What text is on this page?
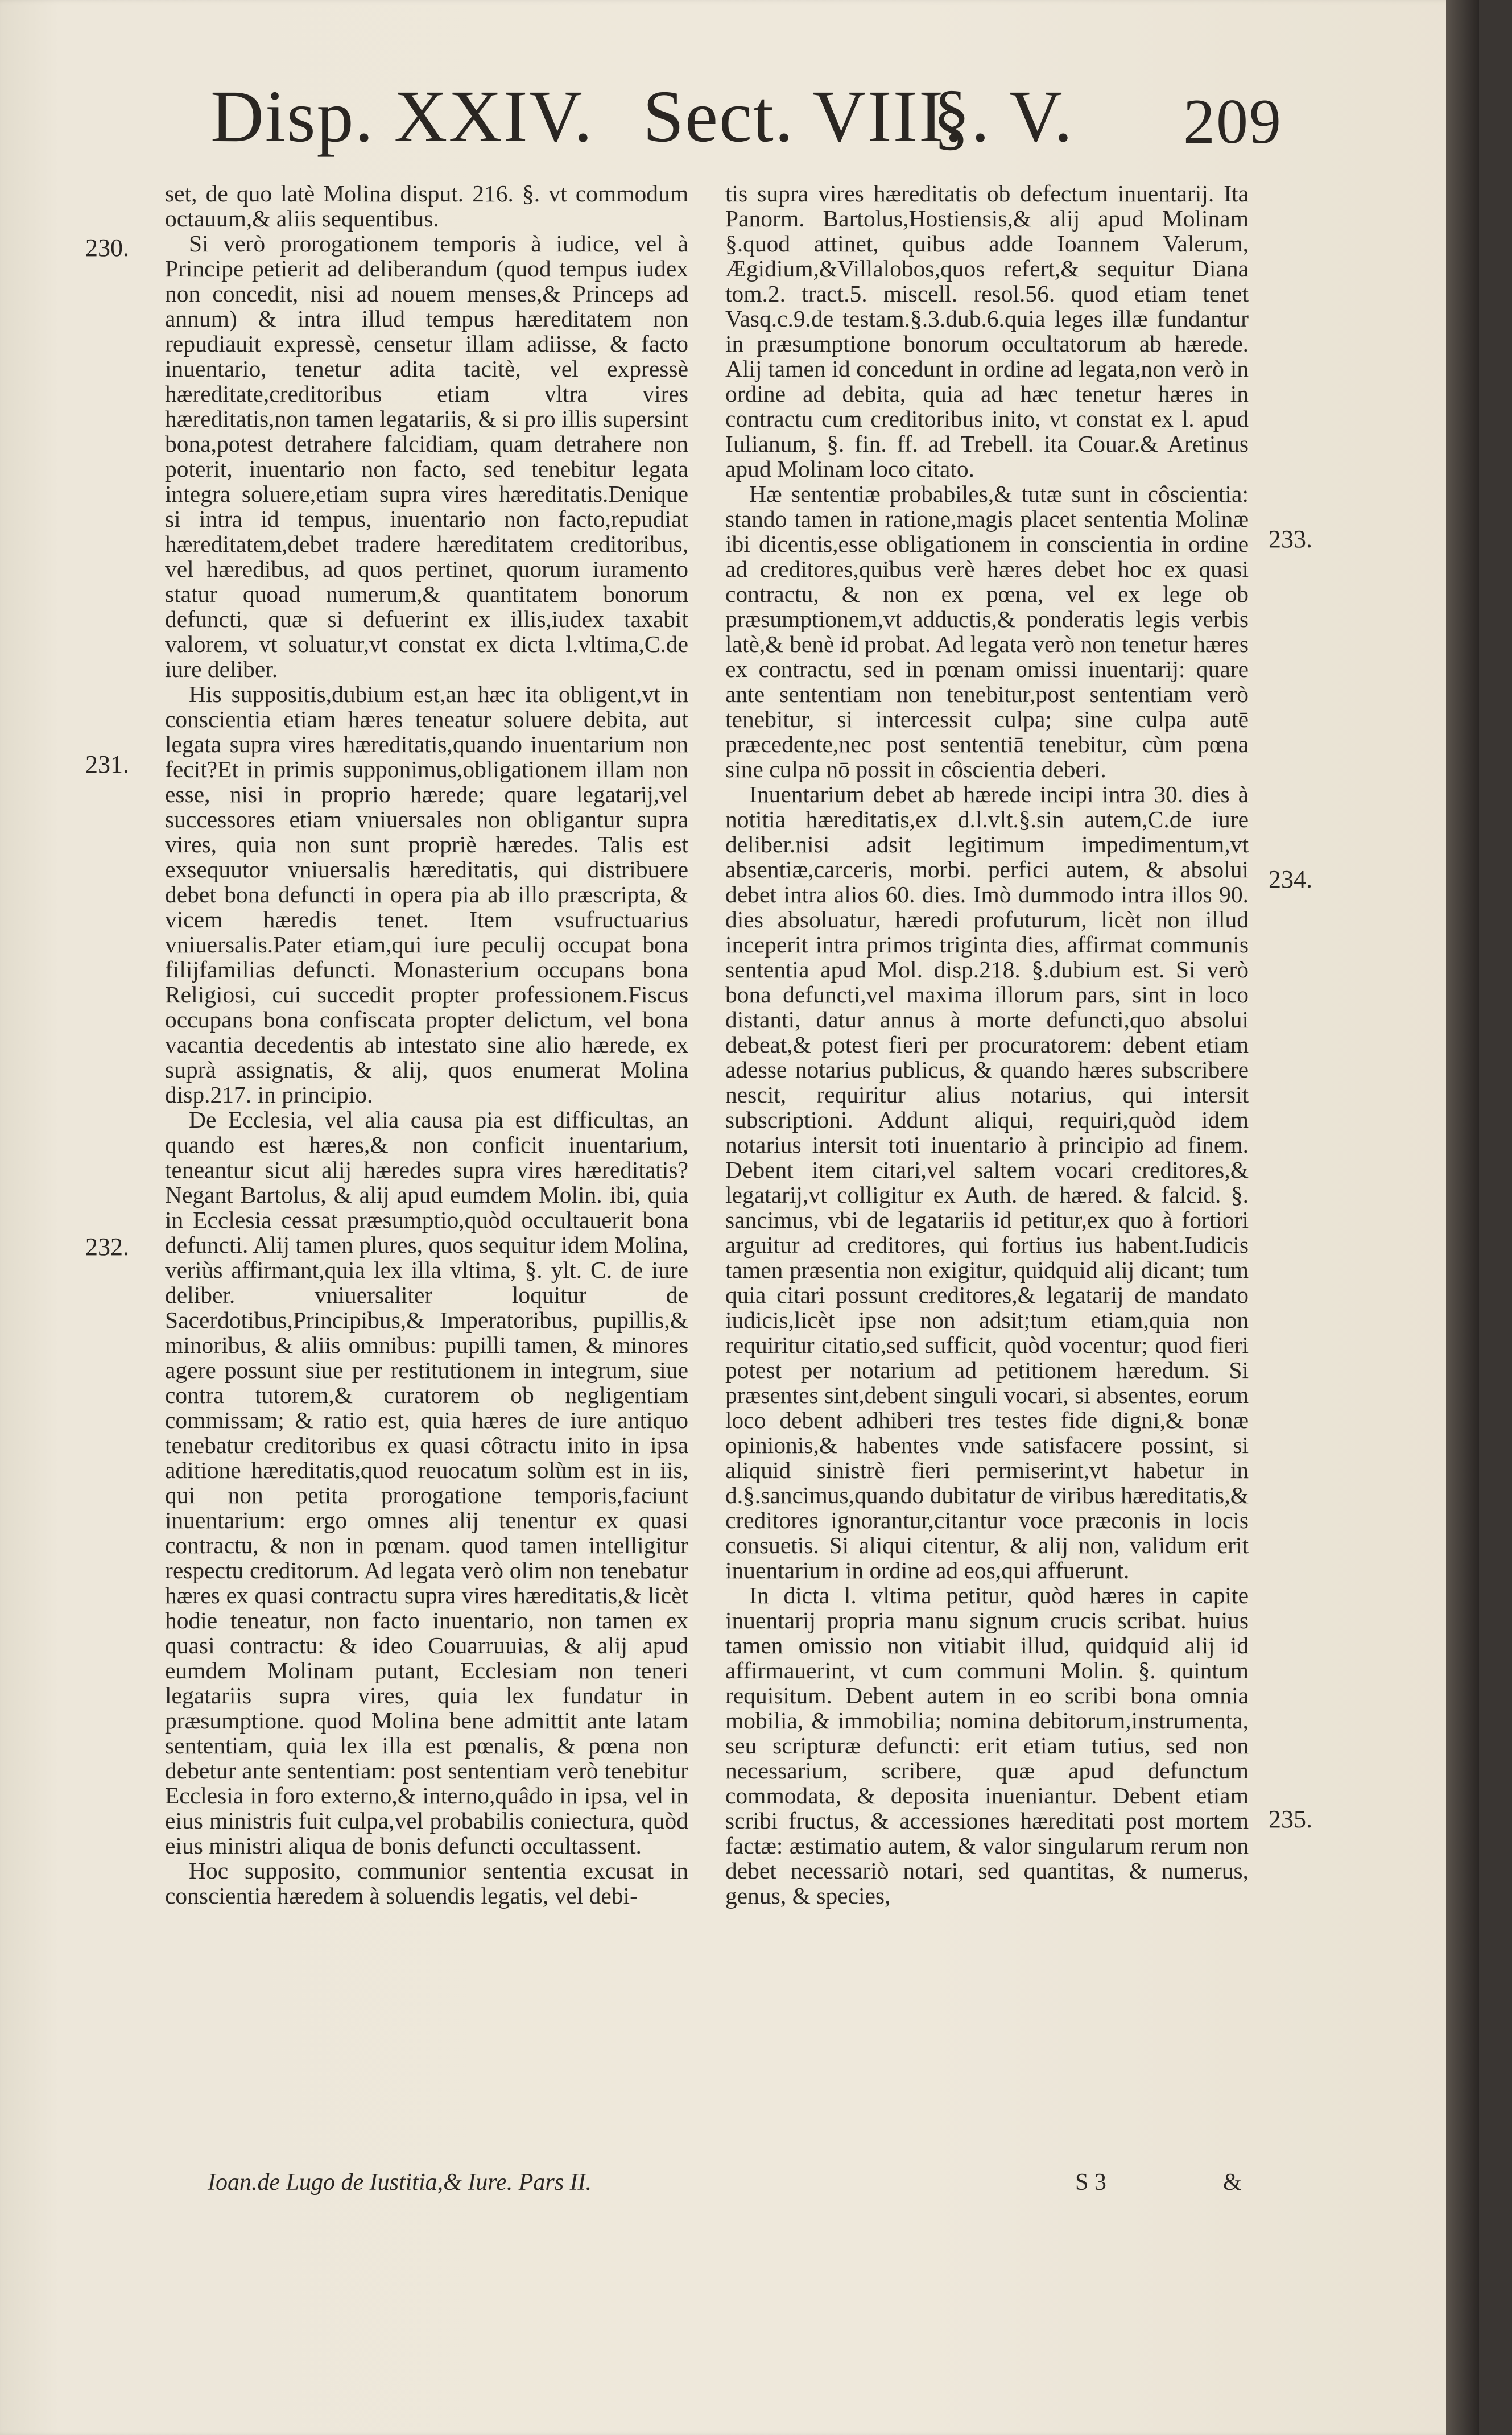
Disp. XXIV. Sect. VIII.
§. V. 209

set, de quo latè Molina disput. 216. §. vt commodum octauum,& aliis sequentibus.

Si verò prorogationem temporis à iudice, vel à Principe petierit ad deliberandum (quod tempus iudex non concedit, nisi ad nouem menses,& Princeps ad annum) & intra illud tempus hæreditatem non repudiauit expressè, censetur illam adiisse, & facto inuentario, tenetur adita tacitè, vel expressè hæreditate,creditoribus etiam vltra vires hæreditatis,non tamen legatariis, & si pro illis supersint bona,potest detrahere falcidiam, quam detrahere non poterit, inuentario non facto, sed tenebitur legata integra soluere,etiam supra vires hæreditatis.Denique si intra id tempus, inuentario non facto,repudiat hæreditatem,debet tradere hæreditatem creditoribus, vel hæredibus, ad quos pertinet, quorum iuramento statur quoad numerum,& quantitatem bonorum defuncti, quæ si defuerint ex illis,iudex taxabit valorem, vt soluatur,vt constat ex dicta l.vltima,C.de iure deliber.

His suppositis,dubium est,an hæc ita obligent,vt in conscientia etiam hæres teneatur soluere debita, aut legata supra vires hæreditatis,quando inuentarium non fecit?Et in primis supponimus,obligationem illam non esse, nisi in proprio hærede; quare legatarij,vel successores etiam vniuersales non obligantur supra vires, quia non sunt propriè hæredes. Talis est exsequutor vniuersalis hæreditatis, qui distribuere debet bona defuncti in opera pia ab illo præscripta, & vicem hæredis tenet. Item vsufructuarius vniuersalis.Pater etiam,qui iure peculij occupat bona filijfamilias defuncti. Monasterium occupans bona Religiosi, cui succedit propter professionem.Fiscus occupans bona confiscata propter delictum, vel bona vacantia decedentis ab intestato sine alio hærede, ex suprà assignatis, & alij, quos enumerat Molina disp.217. in principio.

De Ecclesia, vel alia causa pia est difficultas, an quando est hæres,& non conficit inuentarium, teneantur sicut alij hæredes supra vires hæreditatis? Negant Bartolus, & alij apud eumdem Molin. ibi, quia in Ecclesia cessat præsumptio,quòd occultauerit bona defuncti. Alij tamen plures, quos sequitur idem Molina, veriùs affirmant,quia lex illa vltima, §. ylt. C. de iure deliber. vniuersaliter loquitur de Sacerdotibus,Principibus,& Imperatoribus, pupillis,& minoribus, & aliis omnibus: pupilli tamen, & minores agere possunt siue per restitutionem in integrum, siue contra tutorem,& curatorem ob negligentiam commissam; & ratio est, quia hæres de iure antiquo tenebatur creditoribus ex quasi côtractu inito in ipsa aditione hæreditatis,quod reuocatum solùm est in iis, qui non petita prorogatione temporis,faciunt inuentarium: ergo omnes alij tenentur ex quasi contractu, & non in pœnam. quod tamen intelligitur respectu creditorum. Ad legata verò olim non tenebatur hæres ex quasi contractu supra vires hæreditatis,& licèt hodie teneatur, non facto inuentario, non tamen ex quasi contractu: & ideo Couarruuias, & alij apud eumdem Molinam putant, Ecclesiam non teneri legatariis supra vires, quia lex fundatur in præsumptione. quod Molina bene admittit ante latam sententiam, quia lex illa est pœnalis, & pœna non debetur ante sententiam: post sententiam verò tenebitur Ecclesia in foro externo,& interno,quâdo in ipsa, vel in eius ministris fuit culpa,vel probabilis coniectura, quòd eius ministri aliqua de bonis defuncti occultassent.

Hoc supposito, communior sententia excusat in conscientia hæredem à soluendis legatis, vel debi-

230.
231.
232.

tis supra vires hæreditatis ob defectum inuentarij. Ita Panorm. Bartolus,Hostiensis,& alij apud Molinam §.quod attinet, quibus adde Ioannem Valerum, Ægidium,&Villalobos,quos refert,& sequitur Diana tom.2. tract.5. miscell. resol.56. quod etiam tenet Vasq.c.9.de testam.§.3.dub.6.quia leges illæ fundantur in præsumptione bonorum occultatorum ab hærede. Alij tamen id concedunt in ordine ad legata,non verò in ordine ad debita, quia ad hæc tenetur hæres in contractu cum creditoribus inito, vt constat ex l. apud Iulianum, §. fin. ff. ad Trebell. ita Couar.& Aretinus apud Molinam loco citato.

Hæ sententiæ probabiles,& tutæ sunt in côscientia: stando tamen in ratione,magis placet sententia Molinæ ibi dicentis,esse obligationem in conscientia in ordine ad creditores,quibus verè hæres debet hoc ex quasi contractu, & non ex pœna, vel ex lege ob præsumptionem,vt adductis,& ponderatis legis verbis latè,& benè id probat. Ad legata verò non tenetur hæres ex contractu, sed in pœnam omissi inuentarij: quare ante sententiam non tenebitur,post sententiam verò tenebitur, si intercessit culpa; sine culpa autē præcedente,nec post sententiā tenebitur, cùm pœna sine culpa nō possit in côscientia deberi.

Inuentarium debet ab hærede incipi intra 30. dies à notitia hæreditatis,ex d.l.vlt.§.sin autem,C.de iure deliber.nisi adsit legitimum impedimentum,vt absentiæ,carceris, morbi. perfici autem, & absolui debet intra alios 60. dies. Imò dummodo intra illos 90. dies absoluatur, hæredi profuturum, licèt non illud inceperit intra primos triginta dies, affirmat communis sententia apud Mol. disp.218. §.dubium est. Si verò bona defuncti,vel maxima illorum pars, sint in loco distanti, datur annus à morte defuncti,quo absolui debeat,& potest fieri per procuratorem: debent etiam adesse notarius publicus, & quando hæres subscribere nescit, requiritur alius notarius, qui intersit subscriptioni. Addunt aliqui, requiri,quòd idem notarius intersit toti inuentario à principio ad finem. Debent item citari,vel saltem vocari creditores,& legatarij,vt colligitur ex Auth. de hæred. & falcid. §. sancimus, vbi de legatariis id petitur,ex quo à fortiori arguitur ad creditores, qui fortius ius habent.Iudicis tamen præsentia non exigitur, quidquid alij dicant; tum quia citari possunt creditores,& legatarij de mandato iudicis,licèt ipse non adsit;tum etiam,quia non requiritur citatio,sed sufficit, quòd vocentur; quod fieri potest per notarium ad petitionem hæredum. Si præsentes sint,debent singuli vocari, si absentes, eorum loco debent adhiberi tres testes fide digni,& bonæ opinionis,& habentes vnde satisfacere possint, si aliquid sinistrè fieri permiserint,vt habetur in d.§.sancimus,quando dubitatur de viribus hæreditatis,& creditores ignorantur,citantur voce præconis in locis consuetis. Si aliqui citentur, & alij non, validum erit inuentarium in ordine ad eos,qui affuerunt.

In dicta l. vltima petitur, quòd hæres in capite inuentarij propria manu signum crucis scribat. huius tamen omissio non vitiabit illud, quidquid alij id affirmauerint, vt cum communi Molin. §. quintum requisitum. Debent autem in eo scribi bona omnia mobilia, & immobilia; nomina debitorum,instrumenta, seu scripturæ defuncti: erit etiam tutius, sed non necessarium, scribere, quæ apud defunctum commodata, & deposita inueniantur. Debent etiam scribi fructus, & accessiones hæreditati post mortem factæ: æstimatio autem, & valor singularum rerum non debet necessariò notari, sed quantitas, & numerus, genus, & species,

233.
234.
235.
Ioan.de Lugo de Iustitia,& Iure. Pars II.	S 3	&
